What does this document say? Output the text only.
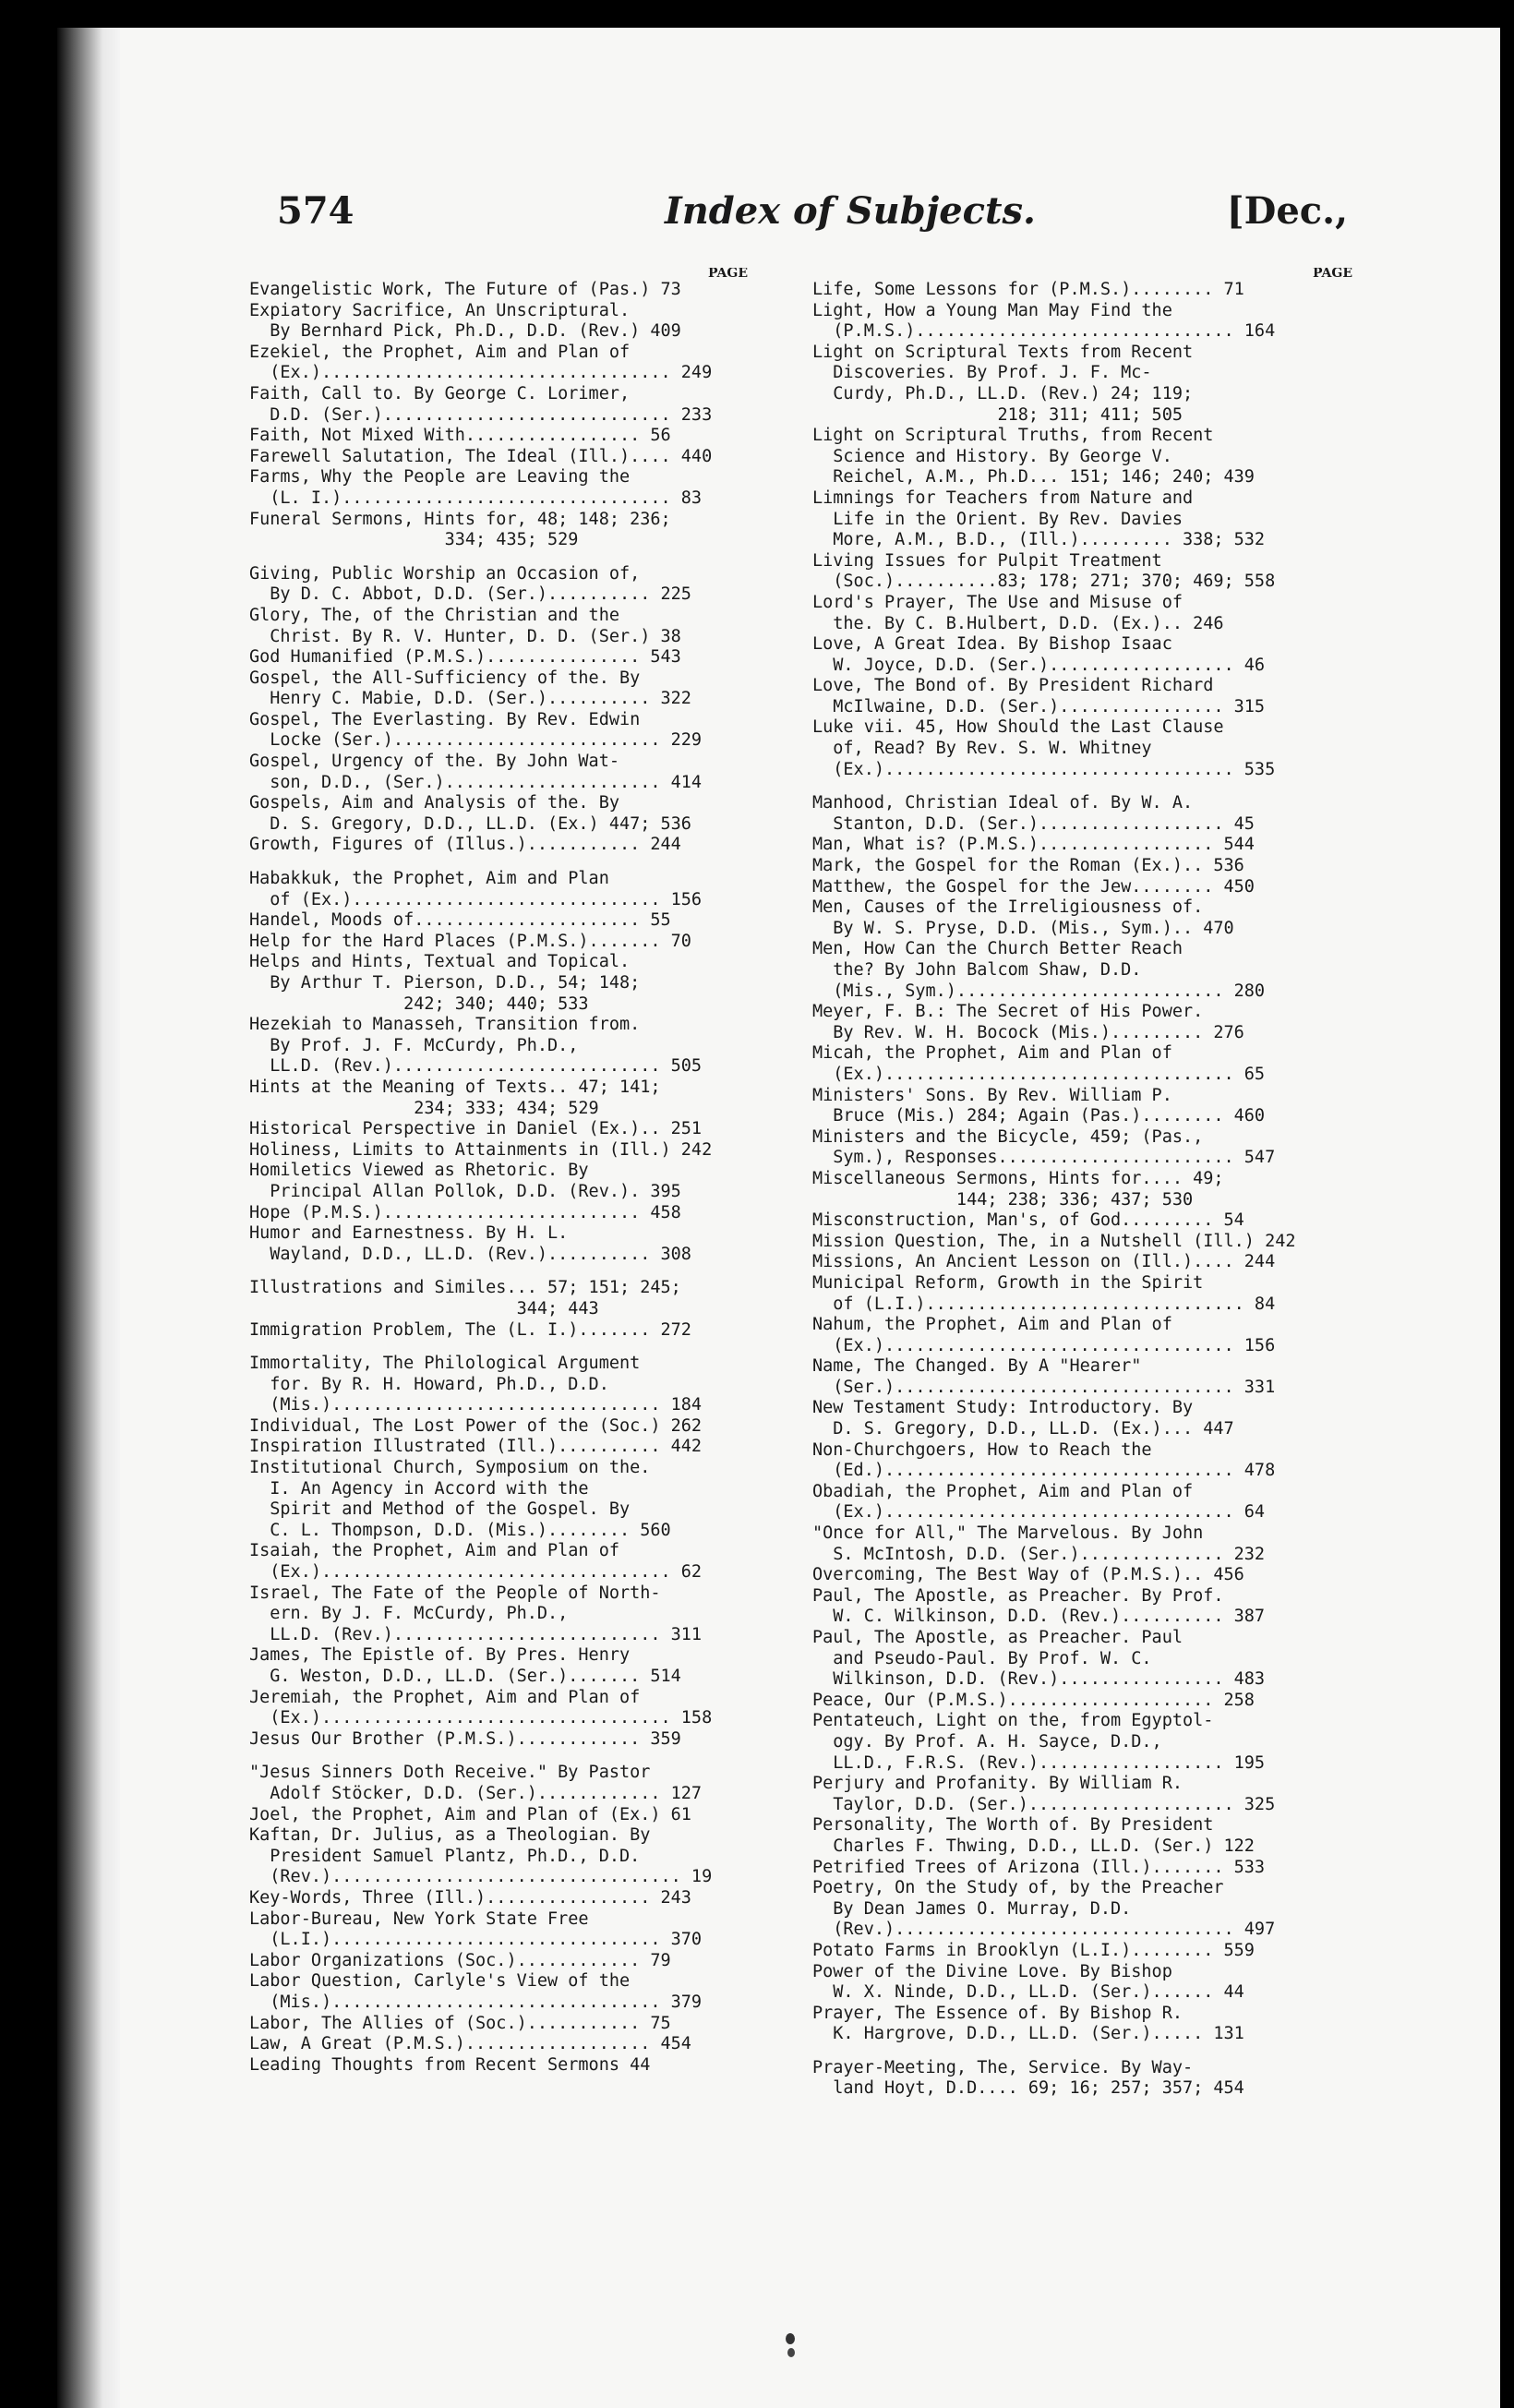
574	Index of Subjects.	[Dec.,
PAGE
Evangelistic Work, The Future of (Pas.) 73
Expiatory Sacrifice, An Unscriptural.
By Bernhard Pick, Ph.D., D.D. (Rev.) 409
Ezekiel, the Prophet, Aim and Plan of
(Ex.).................................. 249
Faith, Call to. By George C. Lorimer,
D.D. (Ser.)............................ 233
Faith, Not Mixed With................. 56
Farewell Salutation, The Ideal (Ill.).... 440
Farms, Why the People are Leaving the
(L. I.)................................ 83
Funeral Sermons, Hints for, 48; 148; 236;
334; 435; 529
Giving, Public Worship an Occasion of,
By D. C. Abbot, D.D. (Ser.).......... 225
Glory, The, of the Christian and the
Christ. By R. V. Hunter, D. D. (Ser.) 38
God Humanified (P.M.S.)............... 543
Gospel, the All-Sufficiency of the. By
Henry C. Mabie, D.D. (Ser.).......... 322
Gospel, The Everlasting. By Rev. Edwin
Locke (Ser.).......................... 229
Gospel, Urgency of the. By John Wat-
son, D.D., (Ser.)..................... 414
Gospels, Aim and Analysis of the. By
D. S. Gregory, D.D., LL.D. (Ex.) 447; 536
Growth, Figures of (Illus.)........... 244
Habakkuk, the Prophet, Aim and Plan
of (Ex.).............................. 156
Handel, Moods of...................... 55
Help for the Hard Places (P.M.S.)....... 70
Helps and Hints, Textual and Topical.
By Arthur T. Pierson, D.D., 54; 148;
242; 340; 440; 533
Hezekiah to Manasseh, Transition from.
By Prof. J. F. McCurdy, Ph.D.,
LL.D. (Rev.).......................... 505
Hints at the Meaning of Texts.. 47; 141;
234; 333; 434; 529
Historical Perspective in Daniel (Ex.).. 251
Holiness, Limits to Attainments in (Ill.) 242
Homiletics Viewed as Rhetoric. By
Principal Allan Pollok, D.D. (Rev.). 395
Hope (P.M.S.)......................... 458
Humor and Earnestness. By H. L.
Wayland, D.D., LL.D. (Rev.).......... 308
Illustrations and Similes... 57; 151; 245;
344; 443
Immigration Problem, The (L. I.)....... 272
Immortality, The Philological Argument
for. By R. H. Howard, Ph.D., D.D.
(Mis.)................................ 184
Individual, The Lost Power of the (Soc.) 262
Inspiration Illustrated (Ill.).......... 442
Institutional Church, Symposium on the.
I. An Agency in Accord with the
Spirit and Method of the Gospel. By
C. L. Thompson, D.D. (Mis.)........ 560
Isaiah, the Prophet, Aim and Plan of
(Ex.).................................. 62
Israel, The Fate of the People of North-
ern. By J. F. McCurdy, Ph.D.,
LL.D. (Rev.).......................... 311
James, The Epistle of. By Pres. Henry
G. Weston, D.D., LL.D. (Ser.)....... 514
Jeremiah, the Prophet, Aim and Plan of
(Ex.).................................. 158
Jesus Our Brother (P.M.S.)............ 359
"Jesus Sinners Doth Receive." By Pastor
Adolf Stöcker, D.D. (Ser.)............ 127
Joel, the Prophet, Aim and Plan of (Ex.) 61
Kaftan, Dr. Julius, as a Theologian. By
President Samuel Plantz, Ph.D., D.D.
(Rev.).................................. 19
Key-Words, Three (Ill.)................ 243
Labor-Bureau, New York State Free
(L.I.)................................ 370
Labor Organizations (Soc.)............ 79
Labor Question, Carlyle's View of the
(Mis.)................................ 379
Labor, The Allies of (Soc.)........... 75
Law, A Great (P.M.S.).................. 454
Leading Thoughts from Recent Sermons 44
PAGE
Life, Some Lessons for (P.M.S.)........ 71
Light, How a Young Man May Find the
(P.M.S.)............................... 164
Light on Scriptural Texts from Recent
Discoveries. By Prof. J. F. Mc-
Curdy, Ph.D., LL.D. (Rev.) 24; 119;
218; 311; 411; 505
Light on Scriptural Truths, from Recent
Science and History. By George V.
Reichel, A.M., Ph.D... 151; 146; 240; 439
Limnings for Teachers from Nature and
Life in the Orient. By Rev. Davies
More, A.M., B.D., (Ill.)......... 338; 532
Living Issues for Pulpit Treatment
(Soc.)..........83; 178; 271; 370; 469; 558
Lord's Prayer, The Use and Misuse of
the. By C. B.Hulbert, D.D. (Ex.).. 246
Love, A Great Idea. By Bishop Isaac
W. Joyce, D.D. (Ser.).................. 46
Love, The Bond of. By President Richard
McIlwaine, D.D. (Ser.)................ 315
Luke vii. 45, How Should the Last Clause
of, Read? By Rev. S. W. Whitney
(Ex.).................................. 535
Manhood, Christian Ideal of. By W. A.
Stanton, D.D. (Ser.).................. 45
Man, What is? (P.M.S.)................. 544
Mark, the Gospel for the Roman (Ex.).. 536
Matthew, the Gospel for the Jew........ 450
Men, Causes of the Irreligiousness of.
By W. S. Pryse, D.D. (Mis., Sym.).. 470
Men, How Can the Church Better Reach
the? By John Balcom Shaw, D.D.
(Mis., Sym.).......................... 280
Meyer, F. B.: The Secret of His Power.
By Rev. W. H. Bocock (Mis.)......... 276
Micah, the Prophet, Aim and Plan of
(Ex.).................................. 65
Ministers' Sons. By Rev. William P.
Bruce (Mis.) 284; Again (Pas.)........ 460
Ministers and the Bicycle, 459; (Pas.,
Sym.), Responses....................... 547
Miscellaneous Sermons, Hints for.... 49;
144; 238; 336; 437; 530
Misconstruction, Man's, of God......... 54
Mission Question, The, in a Nutshell (Ill.) 242
Missions, An Ancient Lesson on (Ill.).... 244
Municipal Reform, Growth in the Spirit
of (L.I.)............................... 84
Nahum, the Prophet, Aim and Plan of
(Ex.).................................. 156
Name, The Changed. By A "Hearer"
(Ser.)................................. 331
New Testament Study: Introductory. By
D. S. Gregory, D.D., LL.D. (Ex.)... 447
Non-Churchgoers, How to Reach the
(Ed.).................................. 478
Obadiah, the Prophet, Aim and Plan of
(Ex.).................................. 64
"Once for All," The Marvelous. By John
S. McIntosh, D.D. (Ser.).............. 232
Overcoming, The Best Way of (P.M.S.).. 456
Paul, The Apostle, as Preacher. By Prof.
W. C. Wilkinson, D.D. (Rev.).......... 387
Paul, The Apostle, as Preacher. Paul
and Pseudo-Paul. By Prof. W. C.
Wilkinson, D.D. (Rev.)................ 483
Peace, Our (P.M.S.).................... 258
Pentateuch, Light on the, from Egyptol-
ogy. By Prof. A. H. Sayce, D.D.,
LL.D., F.R.S. (Rev.).................. 195
Perjury and Profanity. By William R.
Taylor, D.D. (Ser.).................... 325
Personality, The Worth of. By President
Charles F. Thwing, D.D., LL.D. (Ser.) 122
Petrified Trees of Arizona (Ill.)....... 533
Poetry, On the Study of, by the Preacher
By Dean James O. Murray, D.D.
(Rev.)................................. 497
Potato Farms in Brooklyn (L.I.)........ 559
Power of the Divine Love. By Bishop
W. X. Ninde, D.D., LL.D. (Ser.)...... 44
Prayer, The Essence of. By Bishop R.
K. Hargrove, D.D., LL.D. (Ser.)..... 131
Prayer-Meeting, The, Service. By Way-
land Hoyt, D.D.... 69; 16; 257; 357; 454
